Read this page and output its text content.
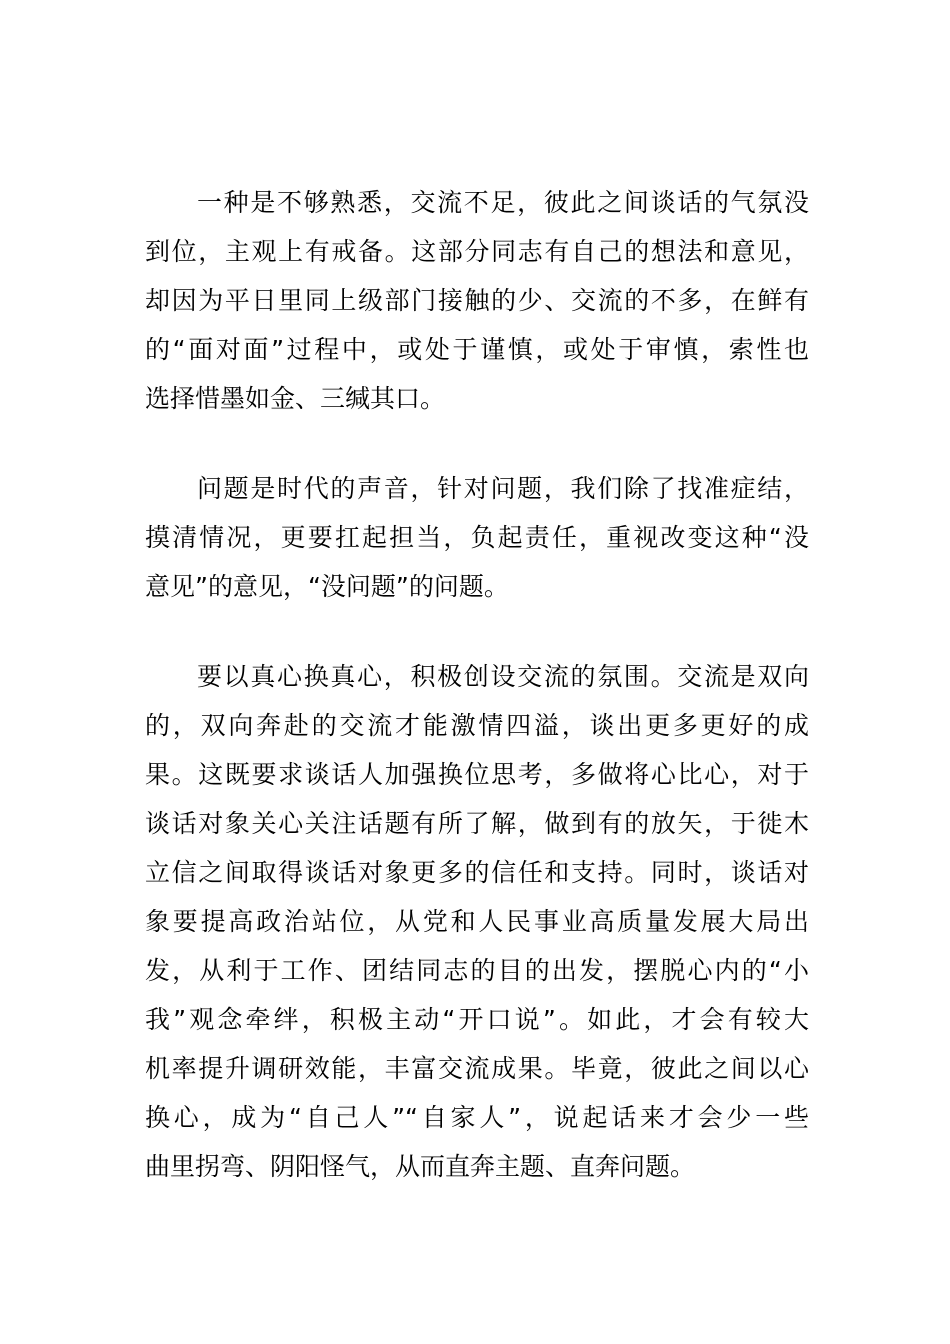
一种是不够熟悉，交流不足，彼此之间谈话的气氛没
到位，主观上有戒备。这部分同志有自己的想法和意见，
却因为平日里同上级部门接触的少、交流的不多，在鲜有
的“面对面”过程中，或处于谨慎，或处于审慎，索性也
选择惜墨如金、三缄其口。
问题是时代的声音，针对问题，我们除了找准症结，
摸清情况，更要扛起担当，负起责任，重视改变这种“没
意见”的意见，“没问题”的问题。
要以真心换真心，积极创设交流的氛围。交流是双向
的，双向奔赴的交流才能激情四溢，谈出更多更好的成
果。这既要求谈话人加强换位思考，多做将心比心，对于
谈话对象关心关注话题有所了解，做到有的放矢，于徙木
立信之间取得谈话对象更多的信任和支持。同时，谈话对
象要提高政治站位，从党和人民事业高质量发展大局出
发，从利于工作、团结同志的目的出发，摆脱心内的“小
我”观念牵绊，积极主动“开口说”。如此，才会有较大
机率提升调研效能，丰富交流成果。毕竟，彼此之间以心
换心，成为“自己人”“自家人”，说起话来才会少一些
曲里拐弯、阴阳怪气，从而直奔主题、直奔问题。
